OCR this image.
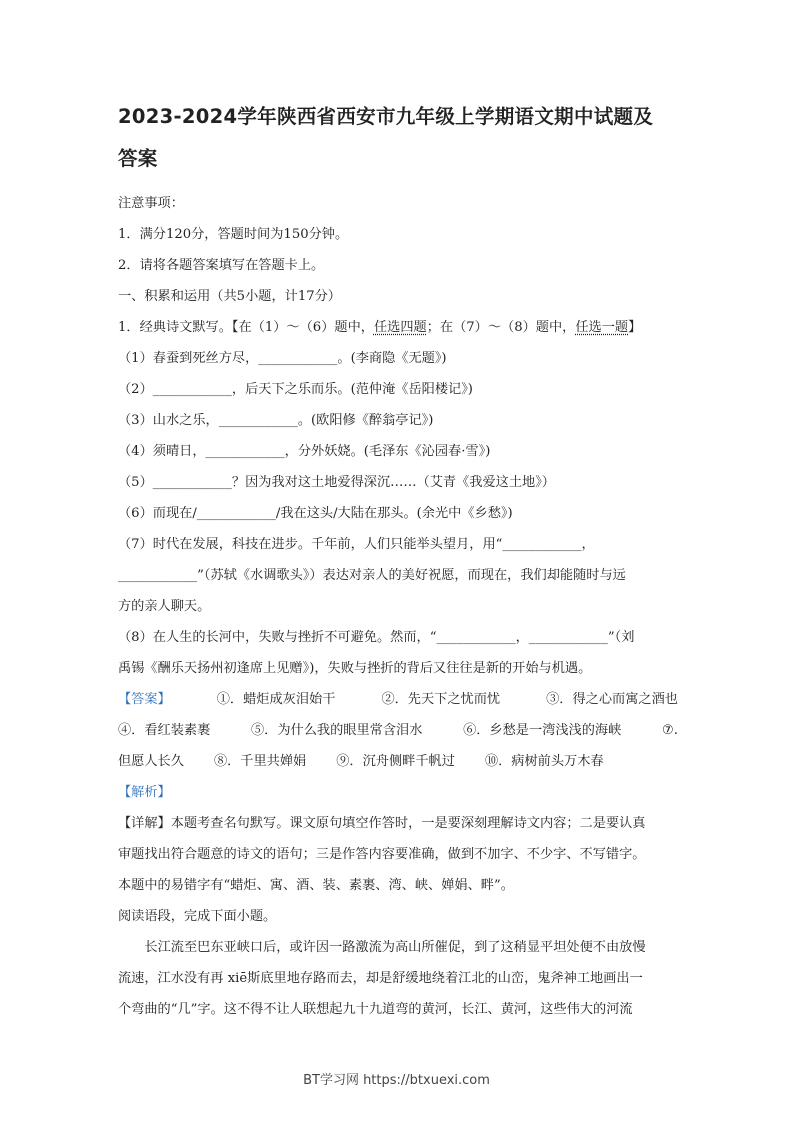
2023-2024学年陕西省西安市九年级上学期语文期中试题及
答案
注意事项：
1．满分120分，答题时间为150分钟。
2．请将各题答案填写在答题卡上。
一、积累和运用（共5小题，计17分）
1．经典诗文默写。【在（1）～（6）题中，任选四题；在（7）～（8）题中，任选一题】
（1）春蚕到死丝方尽，____________。(李商隐《无题》)
（2）____________，后天下之乐而乐。(范仲淹《岳阳楼记》)
（3）山水之乐，____________。(欧阳修《醉翁亭记》)
（4）须晴日，____________，分外妖娆。(毛泽东《沁园春·雪》)
（5）____________？因为我对这土地爱得深沉……（艾青《我爱这土地》）
（6）而现在/____________/我在这头/大陆在那头。(余光中《乡愁》)
（7）时代在发展，科技在进步。千年前，人们只能举头望月，用“____________，
____________”（苏轼《水调歌头》）表达对亲人的美好祝愿，而现在，我们却能随时与远
方的亲人聊天。
（8）在人生的长河中，失败与挫折不可避免。然而，“____________，____________”（刘
禹锡《酬乐天扬州初逢席上见赠》)，失败与挫折的背后又往往是新的开始与机遇。
【答案】	①．蜡炬成灰泪始干	②．先天下之忧而忧	③．得之心而寓之酒也
④．看红装素裹	⑤．为什么我的眼里常含泪水	⑥．乡愁是一湾浅浅的海峡	⑦.
但愿人长久 ⑧．千里共婵娟 ⑨．沉舟侧畔千帆过 ⑩．病树前头万木春
【解析】
【详解】本题考查名句默写。课文原句填空作答时，一是要深刻理解诗文内容；二是要认真
审题找出符合题意的诗文的语句；三是作答内容要准确，做到不加字、不少字、不写错字。
本题中的易错字有“蜡炬、寓、酒、装、素裹、湾、峡、婵娟、畔”。
阅读语段，完成下面小题。
长江流至巴东亚峡口后，或许因一路激流为高山所催促，到了这稍显平坦处便不由放慢
流速，江水没有再 xiē斯底里地存路而去，却是舒缓地绕着江北的山峦，鬼斧神工地画出一
个弯曲的“几”字。这不得不让人联想起九十九道弯的黄河，长江、黄河，这些伟大的河流
BT学习网 https://btxuexi.com
